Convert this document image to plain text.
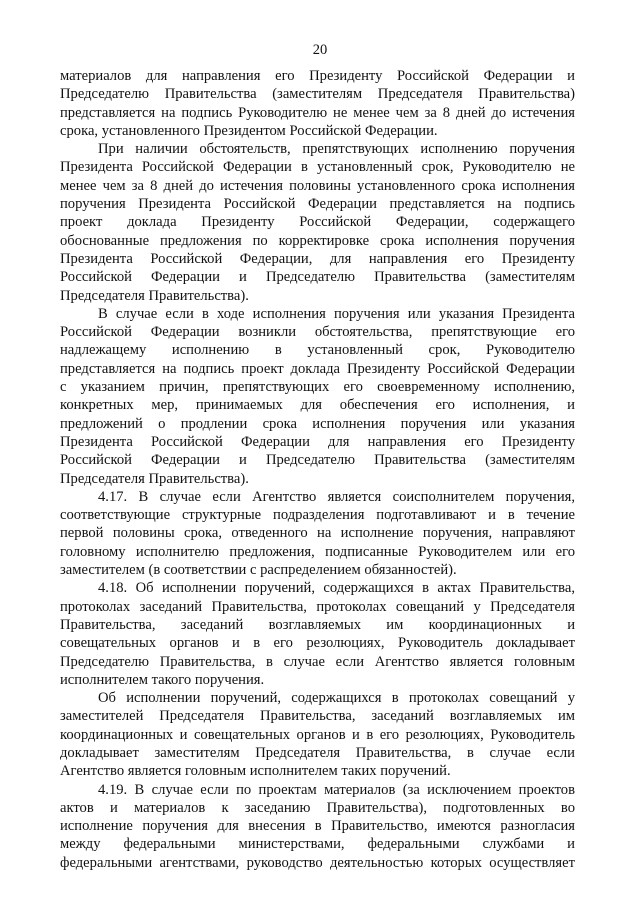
20
материалов для направления его Президенту Российской Федерации и
Председателю Правительства (заместителям Председателя Правительства)
представляется на подпись Руководителю не менее чем за 8 дней до истечения
срока, установленного Президентом Российской Федерации.
При наличии обстоятельств, препятствующих исполнению поручения
Президента Российской Федерации в установленный срок, Руководителю не
менее чем за 8 дней до истечения половины установленного срока исполнения
поручения Президента Российской Федерации представляется на подпись
проект доклада Президенту Российской Федерации, содержащего
обоснованные предложения по корректировке срока исполнения поручения
Президента Российской Федерации, для направления его Президенту
Российской Федерации и Председателю Правительства (заместителям
Председателя Правительства).
В случае если в ходе исполнения поручения или указания Президента
Российской Федерации возникли обстоятельства, препятствующие его
надлежащему исполнению в установленный срок, Руководителю
представляется на подпись проект доклада Президенту Российской Федерации
с указанием причин, препятствующих его своевременному исполнению,
конкретных мер, принимаемых для обеспечения его исполнения, и
предложений о продлении срока исполнения поручения или указания
Президента Российской Федерации для направления его Президенту
Российской Федерации и Председателю Правительства (заместителям
Председателя Правительства).
4.17. В случае если Агентство является соисполнителем поручения,
соответствующие структурные подразделения подготавливают и в течение
первой половины срока, отведенного на исполнение поручения, направляют
головному исполнителю предложения, подписанные Руководителем или его
заместителем (в соответствии с распределением обязанностей).
4.18. Об исполнении поручений, содержащихся в актах Правительства,
протоколах заседаний Правительства, протоколах совещаний у Председателя
Правительства, заседаний возглавляемых им координационных и
совещательных органов и в его резолюциях, Руководитель докладывает
Председателю Правительства, в случае если Агентство является головным
исполнителем такого поручения.
Об исполнении поручений, содержащихся в протоколах совещаний у
заместителей Председателя Правительства, заседаний возглавляемых им
координационных и совещательных органов и в его резолюциях, Руководитель
докладывает заместителям Председателя Правительства, в случае если
Агентство является головным исполнителем таких поручений.
4.19. В случае если по проектам материалов (за исключением проектов
актов и материалов к заседанию Правительства), подготовленных во
исполнение поручения для внесения в Правительство, имеются разногласия
между федеральными министерствами, федеральными службами и
федеральными агентствами, руководство деятельностью которых осуществляет
